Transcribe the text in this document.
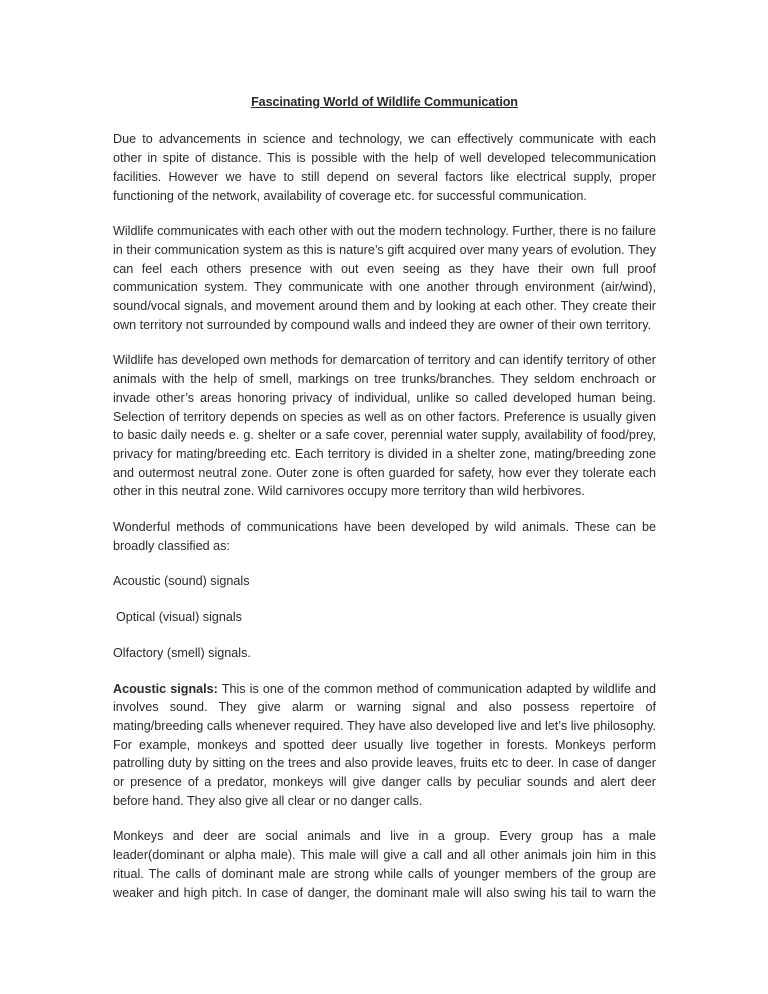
Fascinating World of Wildlife Communication

Due to advancements in science and technology, we can effectively communicate with each other in spite of distance. This is possible with the help of well developed telecommunication facilities. However we have to still depend on several factors like electrical supply, proper functioning of the network, availability of coverage etc. for successful communication.

Wildlife communicates with each other with out the modern technology. Further, there is no failure in their communication system as this is nature’s gift acquired over many years of evolution. They can feel each others presence with out even seeing as they have their own full proof communication system. They communicate with one another through environment (air/wind), sound/vocal signals, and movement around them and by looking at each other. They create their own territory not surrounded by compound walls and indeed they are owner of their own territory.

Wildlife has developed own methods for demarcation of territory and can identify territory of other animals with the help of smell, markings on tree trunks/branches. They seldom enchroach or invade other’s areas honoring privacy of individual, unlike so called developed human being. Selection of territory depends on species as well as on other factors. Preference is usually given to basic daily needs e. g. shelter or a safe cover, perennial water supply, availability of food/prey, privacy for mating/breeding etc. Each territory is divided in a shelter zone, mating/breeding zone and outermost neutral zone. Outer zone is often guarded for safety, how ever they tolerate each other in this neutral zone. Wild carnivores occupy more territory than wild herbivores.

Wonderful methods of communications have been developed by wild animals. These can be broadly classified as:

Acoustic (sound) signals
Optical (visual) signals
Olfactory (smell) signals.

Acoustic signals: This is one of the common method of communication adapted by wildlife and involves sound. They give alarm or warning signal and also possess repertoire of mating/breeding calls whenever required. They have also developed live and let’s live philosophy. For example, monkeys and spotted deer usually live together in forests. Monkeys perform patrolling duty by sitting on the trees and also provide leaves, fruits etc to deer. In case of danger or presence of a predator, monkeys will give danger calls by peculiar sounds and alert deer before hand. They also give all clear or no danger calls.

Monkeys and deer are social animals and live in a group. Every group has a male leader(dominant or alpha male). This male will give a call and all other animals join him in this ritual. The calls of dominant male are strong while calls of younger members of the group are weaker and high pitch. In case of danger, the dominant male will also swing his tail to warn the
